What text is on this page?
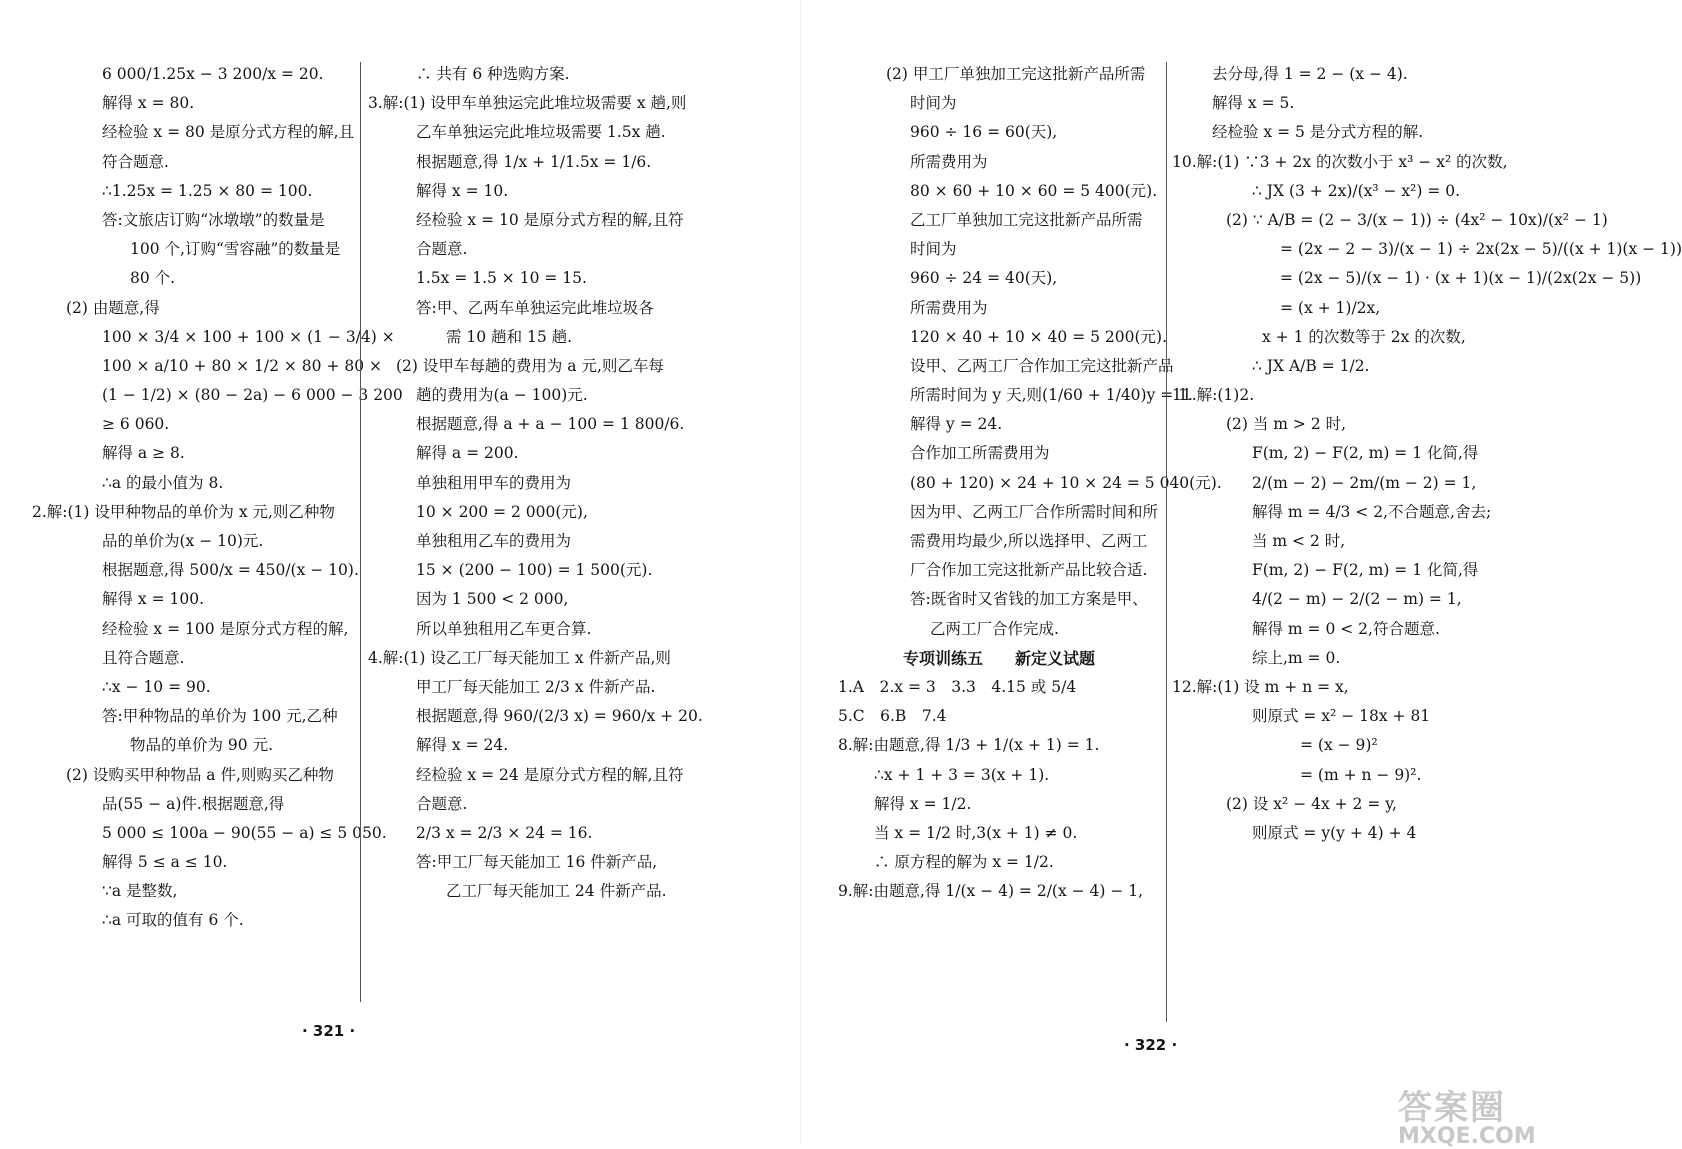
6 000/1.25x − 3 200/x = 20.
解得 x = 80.
经检验 x = 80 是原分式方程的解,且
符合题意.
∴1.25x = 1.25 × 80 = 100.
答:文旅店订购“冰墩墩”的数量是
100 个,订购“雪容融”的数量是
80 个.
(2) 由题意,得
100 × 3/4 × 100 + 100 × (1 − 3/4) ×
100 × a/10 + 80 × 1/2 × 80 + 80 ×
(1 − 1/2) × (80 − 2a) − 6 000 − 3 200
≥ 6 060.
解得 a ≥ 8.
∴a 的最小值为 8.
2.解:(1) 设甲种物品的单价为 x 元,则乙种物
品的单价为(x − 10)元.
根据题意,得 500/x = 450/(x − 10).
解得 x = 100.
经检验 x = 100 是原分式方程的解,
且符合题意.
∴x − 10 = 90.
答:甲种物品的单价为 100 元,乙种
物品的单价为 90 元.
(2) 设购买甲种物品 a 件,则购买乙种物
品(55 − a)件.根据题意,得
5 000 ≤ 100a − 90(55 − a) ≤ 5 050.
解得 5 ≤ a ≤ 10.
∵a 是整数,
∴a 可取的值有 6 个.
∴ 共有 6 种选购方案.
3.解:(1) 设甲车单独运完此堆垃圾需要 x 趟,则
乙车单独运完此堆垃圾需要 1.5x 趟.
根据题意,得 1/x + 1/1.5x = 1/6.
解得 x = 10.
经检验 x = 10 是原分式方程的解,且符
合题意.
1.5x = 1.5 × 10 = 15.
答:甲、乙两车单独运完此堆垃圾各
需 10 趟和 15 趟.
(2) 设甲车每趟的费用为 a 元,则乙车每
趟的费用为(a − 100)元.
根据题意,得 a + a − 100 = 1 800/6.
解得 a = 200.
单独租用甲车的费用为
10 × 200 = 2 000(元),
单独租用乙车的费用为
15 × (200 − 100) = 1 500(元).
因为 1 500 < 2 000,
所以单独租用乙车更合算.
4.解:(1) 设乙工厂每天能加工 x 件新产品,则
甲工厂每天能加工 2/3 x 件新产品.
根据题意,得 960/(2/3 x) = 960/x + 20.
解得 x = 24.
经检验 x = 24 是原分式方程的解,且符
合题意.
2/3 x = 2/3 × 24 = 16.
答:甲工厂每天能加工 16 件新产品,
乙工厂每天能加工 24 件新产品.
· 321 ·
(2) 甲工厂单独加工完这批新产品所需
时间为
960 ÷ 16 = 60(天),
所需费用为
80 × 60 + 10 × 60 = 5 400(元).
乙工厂单独加工完这批新产品所需
时间为
960 ÷ 24 = 40(天),
所需费用为
120 × 40 + 10 × 40 = 5 200(元).
设甲、乙两工厂合作加工完这批新产品
所需时间为 y 天,则(1/60 + 1/40)y = 1.
解得 y = 24.
合作加工所需费用为
(80 + 120) × 24 + 10 × 24 = 5 040(元).
因为甲、乙两工厂合作所需时间和所
需费用均最少,所以选择甲、乙两工
厂合作加工完这批新产品比较合适.
答:既省时又省钱的加工方案是甲、
乙两工厂合作完成.
专项训练五　　新定义试题
1.A　2.x = 3　3.3　4.15 或 5/4
5.C　6.B　7.4
8.解:由题意,得 1/3 + 1/(x + 1) = 1.
∴x + 1 + 3 = 3(x + 1).
解得 x = 1/2.
当 x = 1/2 时,3(x + 1) ≠ 0.
∴ 原方程的解为 x = 1/2.
9.解:由题意,得 1/(x − 4) = 2/(x − 4) − 1,
去分母,得 1 = 2 − (x − 4).
解得 x = 5.
经检验 x = 5 是分式方程的解.
10.解:(1) ∵3 + 2x 的次数小于 x³ − x² 的次数,
∴ JX (3 + 2x)/(x³ − x²) = 0.
(2) ∵ A/B = (2 − 3/(x − 1)) ÷ (4x² − 10x)/(x² − 1)
= (2x − 2 − 3)/(x − 1) ÷ 2x(2x − 5)/((x + 1)(x − 1))
= (2x − 5)/(x − 1) · (x + 1)(x − 1)/(2x(2x − 5))
= (x + 1)/2x,
x + 1 的次数等于 2x 的次数,
∴ JX A/B = 1/2.
11.解:(1)2.
(2) 当 m > 2 时,
F(m, 2) − F(2, m) = 1 化简,得
2/(m − 2) − 2m/(m − 2) = 1,
解得 m = 4/3 < 2,不合题意,舍去;
当 m < 2 时,
F(m, 2) − F(2, m) = 1 化简,得
4/(2 − m) − 2/(2 − m) = 1,
解得 m = 0 < 2,符合题意.
综上,m = 0.
12.解:(1) 设 m + n = x,
则原式 = x² − 18x + 81
= (x − 9)²
= (m + n − 9)².
(2) 设 x² − 4x + 2 = y,
则原式 = y(y + 4) + 4
· 322 ·
答案圈
MXQE.COM
